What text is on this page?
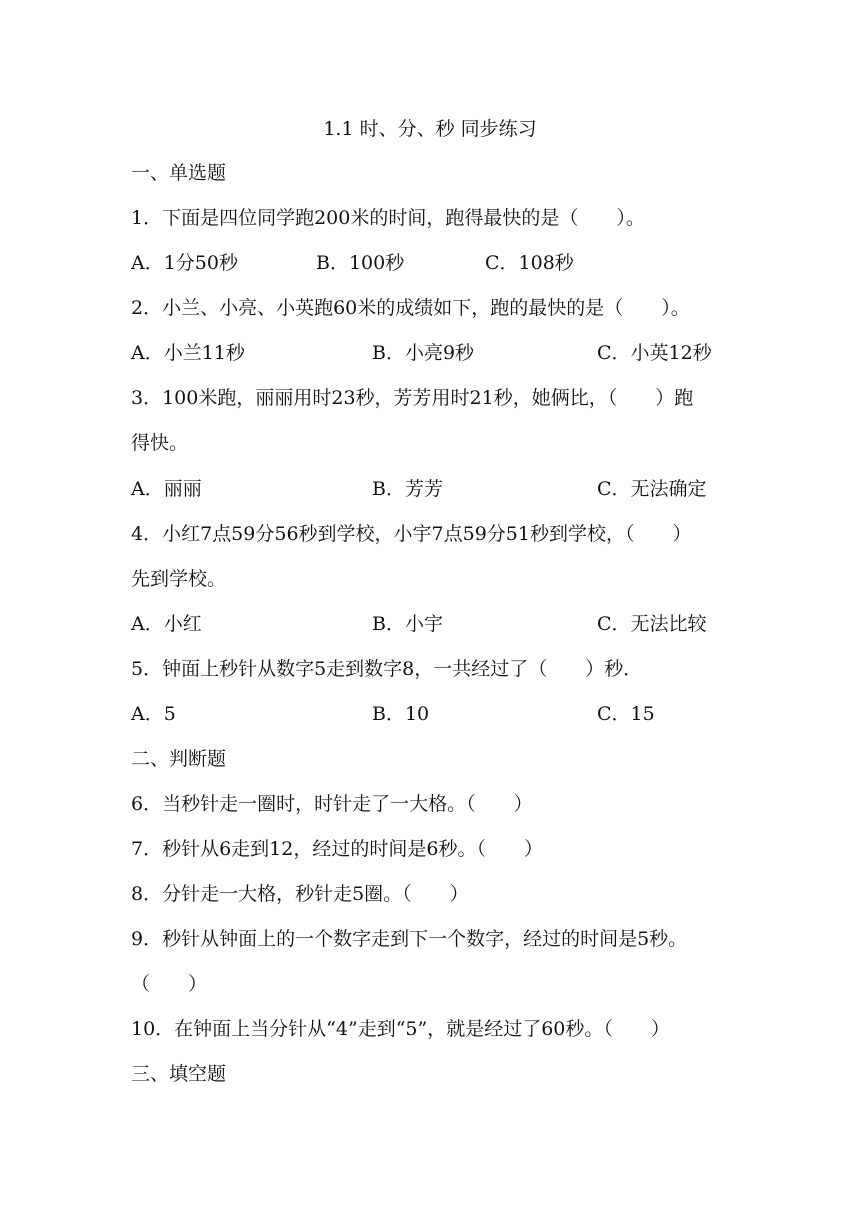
1.1 时、分、秒 同步练习
一、单选题
1．下面是四位同学跑200米的时间，跑得最快的是（　　）。
A．1分50秒	B．100秒	C．108秒
2．小兰、小亮、小英跑60米的成绩如下，跑的最快的是（　　）。
A．小兰11秒	B．小亮9秒	C．小英12秒
3．100米跑，丽丽用时23秒，芳芳用时21秒，她俩比，（　　）跑
得快。
A．丽丽	B．芳芳	C．无法确定
4．小红7点59分56秒到学校，小宇7点59分51秒到学校，（　　）
先到学校。
A．小红	B．小宇	C．无法比较
5．钟面上秒针从数字5走到数字8，一共经过了（　　）秒．
A．5	B．10	C．15
二、判断题
6．当秒针走一圈时，时针走了一大格。（　　）
7．秒针从6走到12，经过的时间是6秒。（　　）
8．分针走一大格，秒针走5圈。（　　）
9．秒针从钟面上的一个数字走到下一个数字，经过的时间是5秒。
（　　）
10．在钟面上当分针从“4”走到“5”，就是经过了60秒。（　　）
三、填空题
